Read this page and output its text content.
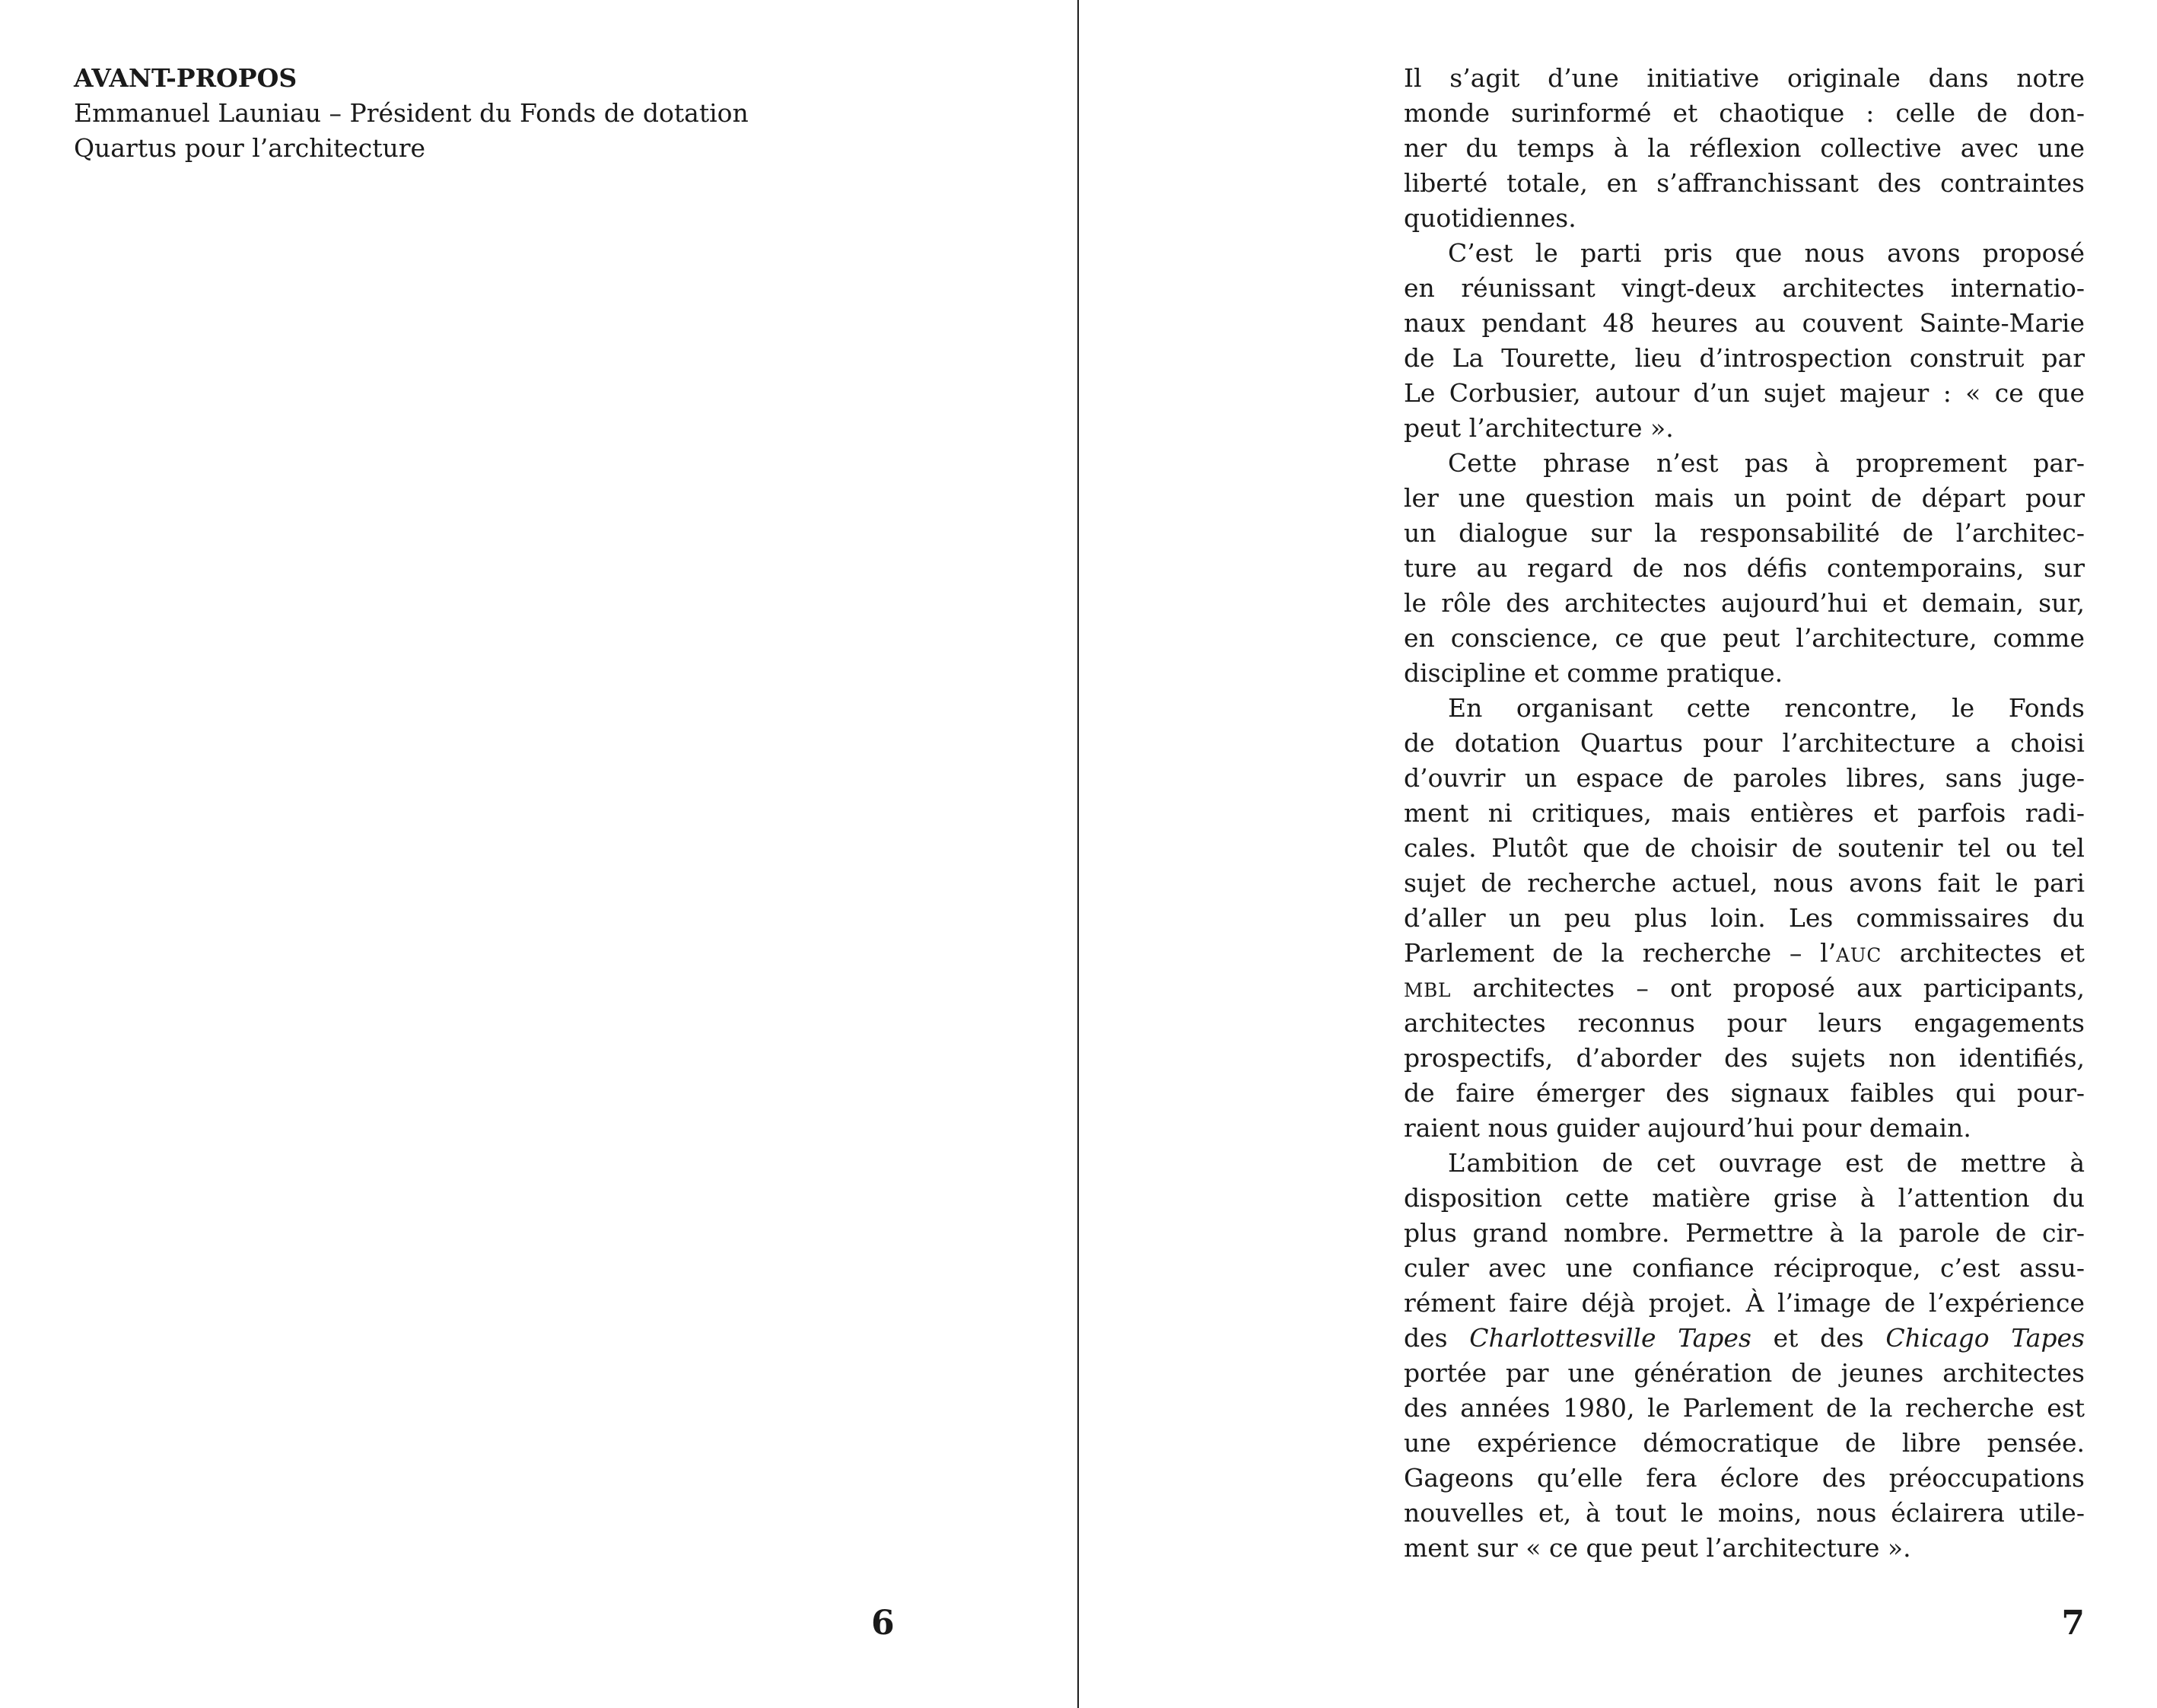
AVANT-PROPOS
Emmanuel Launiau – Président du Fonds de dotation
Quartus pour l’architecture
6
Il s’agit d’une initiative originale dans notre
monde surinformé et chaotique : celle de don-
ner du temps à la réflexion collective avec une
liberté totale, en s’affranchissant des contraintes
quotidiennes.
C’est le parti pris que nous avons proposé
en réunissant vingt-deux architectes internatio-
naux pendant 48 heures au couvent Sainte-Marie
de La Tourette, lieu d’introspection construit par
Le Corbusier, autour d’un sujet majeur : « ce que
peut l’architecture ».
Cette phrase n’est pas à proprement par-
ler une question mais un point de départ pour
un dialogue sur la responsabilité de l’architec-
ture au regard de nos défis contemporains, sur
le rôle des architectes aujourd’hui et demain, sur,
en conscience, ce que peut l’architecture, comme
discipline et comme pratique.
En organisant cette rencontre, le Fonds
de dotation Quartus pour l’architecture a choisi
d’ouvrir un espace de paroles libres, sans juge-
ment ni critiques, mais entières et parfois radi-
cales. Plutôt que de choisir de soutenir tel ou tel
sujet de recherche actuel, nous avons fait le pari
d’aller un peu plus loin. Les commissaires du
Parlement de la recherche – l’AUC architectes et
MBL architectes – ont proposé aux participants,
architectes reconnus pour leurs engagements
prospectifs, d’aborder des sujets non identifiés,
de faire émerger des signaux faibles qui pour-
raient nous guider aujourd’hui pour demain.
L’ambition de cet ouvrage est de mettre à
disposition cette matière grise à l’attention du
plus grand nombre. Permettre à la parole de cir-
culer avec une confiance réciproque, c’est assu-
rément faire déjà projet. À l’image de l’expérience
des Charlottesville Tapes et des Chicago Tapes
portée par une génération de jeunes architectes
des années 1980, le Parlement de la recherche est
une expérience démocratique de libre pensée.
Gageons qu’elle fera éclore des préoccupations
nouvelles et, à tout le moins, nous éclairera utile-
ment sur « ce que peut l’architecture ».
7
